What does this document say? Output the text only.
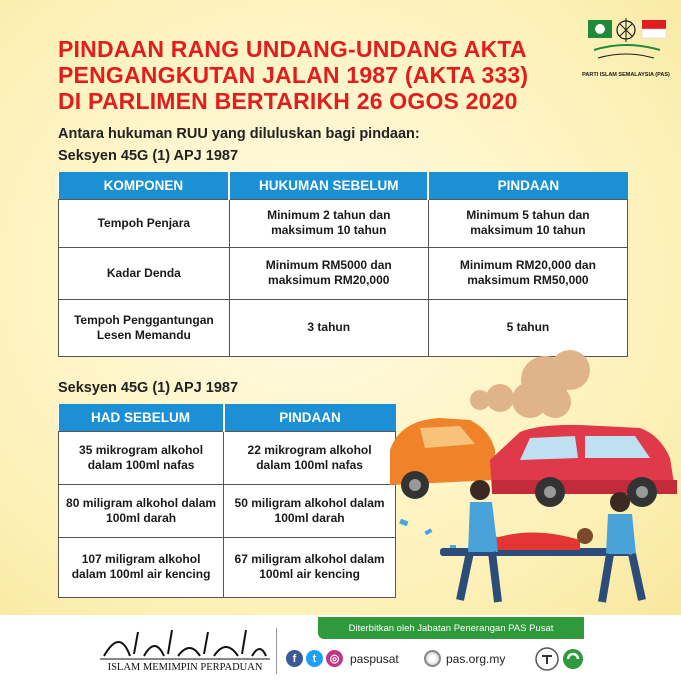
PINDAAN RANG UNDANG-UNDANG AKTA
PENGANGKUTAN JALAN 1987 (AKTA 333)
DI PARLIMEN BERTARIKH 26 OGOS 2020
PARTI ISLAM SEMALAYSIA (PAS)
Antara hukuman RUU yang diluluskan bagi pindaan:
Seksyen 45G (1) APJ 1987
KOMPONEN	HUKUMAN SEBELUM	PINDAAN
Tempoh Penjara	Minimum 2 tahun dan maksimum 10 tahun	Minimum 5 tahun dan maksimum 10 tahun
Kadar Denda	Minimum RM5000 dan maksimum RM20,000	Minimum RM20,000 dan maksimum RM50,000
Tempoh Penggantungan Lesen Memandu	3 tahun	5 tahun
Seksyen 45G (1) APJ 1987
HAD SEBELUM	PINDAAN
35 mikrogram alkohol dalam 100ml nafas	22 mikrogram alkohol dalam 100ml nafas
80 miligram alkohol dalam 100ml darah	50 miligram alkohol dalam 100ml darah
107 miligram alkohol dalam 100ml air kencing	67 miligram alkohol dalam 100ml air kencing
Diterbitkan oleh Jabatan Penerangan PAS Pusat
ISLAM MEMIMPIN PERPADUAN
f	t	◎ paspusat	pas.org.my
